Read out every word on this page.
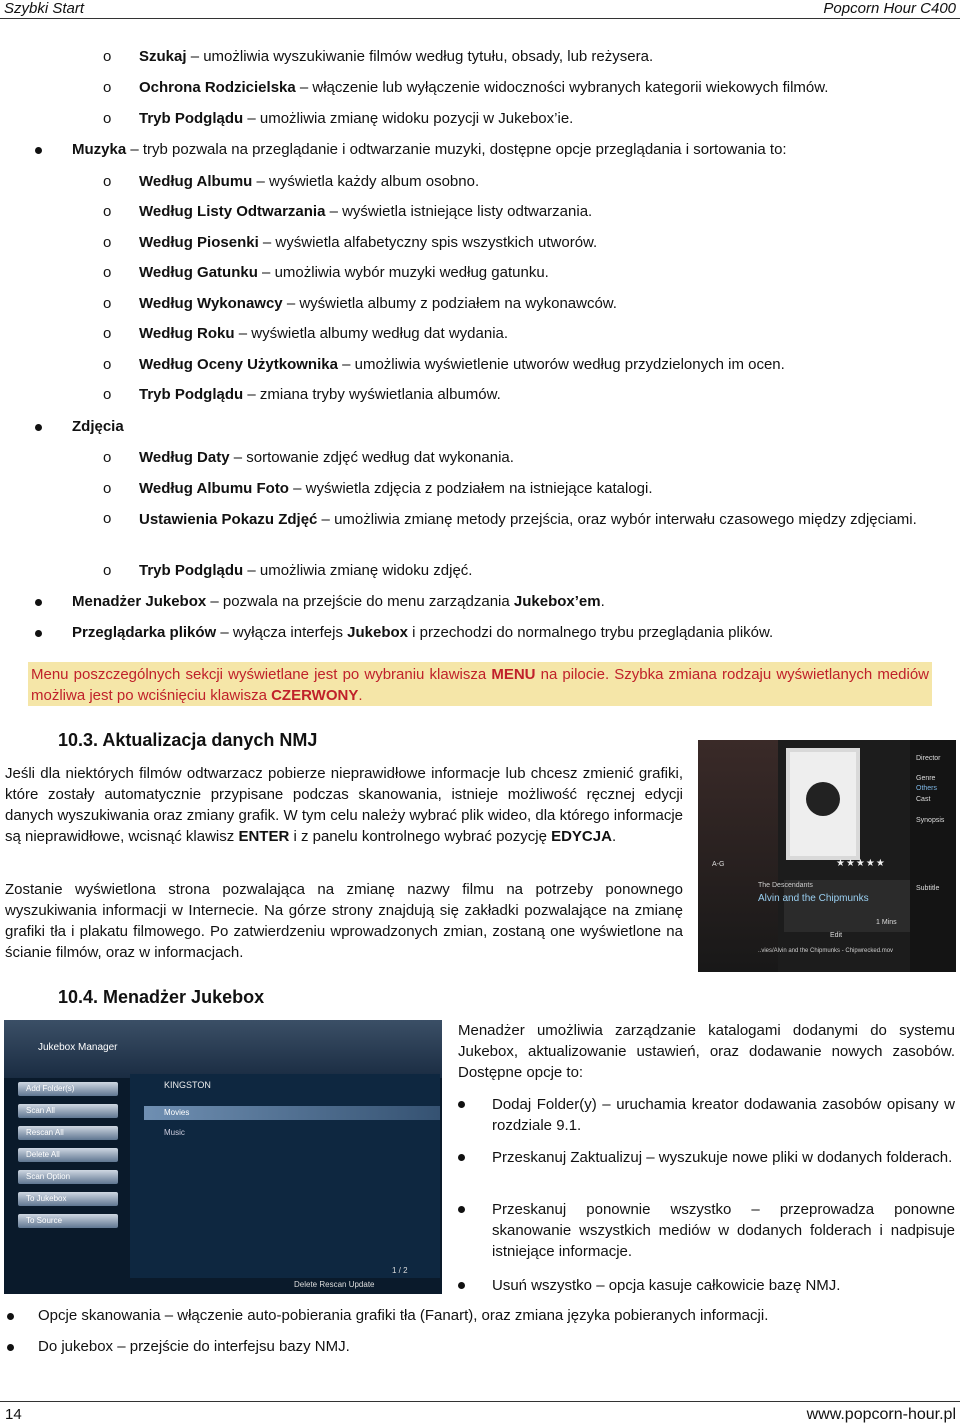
Szybki Start	Popcorn Hour C400
o Szukaj – umożliwia wyszukiwanie filmów według tytułu, obsady, lub reżysera.
o Ochrona Rodzicielska – włączenie lub wyłączenie widoczności wybranych kategorii wiekowych filmów.
o Tryb Podglądu – umożliwia zmianę widoku pozycji w Jukebox’ie.
Muzyka – tryb pozwala na przeglądanie i odtwarzanie muzyki, dostępne opcje przeglądania i sortowania to:
o Według Albumu – wyświetla każdy album osobno.
o Według Listy Odtwarzania – wyświetla istniejące listy odtwarzania.
o Według Piosenki – wyświetla alfabetyczny spis wszystkich utworów.
o Według Gatunku – umożliwia wybór muzyki według gatunku.
o Według Wykonawcy – wyświetla albumy z podziałem na wykonawców.
o Według Roku – wyświetla albumy według dat wydania.
o Według Oceny Użytkownika – umożliwia wyświetlenie utworów według przydzielonych im ocen.
o Tryb Podglądu – zmiana tryby wyświetlania albumów.
Zdjęcia
o Według Daty – sortowanie zdjęć według dat wykonania.
o Według Albumu Foto – wyświetla zdjęcia z podziałem na istniejące katalogi.
o Ustawienia Pokazu Zdjęć – umożliwia zmianę metody przejścia, oraz wybór interwału czasowego między zdjęciami.
o Tryb Podglądu – umożliwia zmianę widoku zdjęć.
Menadżer Jukebox – pozwala na przejście do menu zarządzania Jukebox’em.
Przeglądarka plików – wyłącza interfejs Jukebox i przechodzi do normalnego trybu przeglądania plików.

Menu poszczególnych sekcji wyświetlane jest po wybraniu klawisza MENU na pilocie. Szybka zmiana rodzaju wyświetlanych mediów możliwa jest po wciśnięciu klawisza CZERWONY.

10.3. Aktualizacja danych NMJ

Jeśli dla niektórych filmów odtwarzacz pobierze nieprawidłowe informacje lub chcesz zmienić grafiki, które zostały automatycznie przypisane podczas skanowania, istnieje możliwość ręcznej edycji danych wyszukiwania oraz zmiany grafik. W tym celu należy wybrać plik wideo, dla którego informacje są nieprawidłowe, wcisnąć klawisz ENTER i z panelu kontrolnego wybrać pozycję EDYCJA.

Zostanie wyświetlona strona pozwalająca na zmianę nazwy filmu na potrzeby ponownego wyszukiwania informacji w Internecie. Na górze strony znajdują się zakładki pozwalające na zmianę grafiki tła i plakatu filmowego. Po zatwierdzeniu wprowadzonych zmian, zostaną one wyświetlone na ścianie filmów, oraz w informacjach.

A-G	★★★★★
The Descendants
Alvin and the Chipmunks
1 Mins
Edit
..vies/Alvin and the Chipmunks - Chipwrecked.mov
Director
Genre
Others
Cast
Synopsis
Subtitle
10.4. Menadżer Jukebox
Jukebox Manager
Add Folder(s)
Scan All
Rescan All
Delete All
Scan Option
To Jukebox
To Source
KINGSTON
Movies
Music
1 / 2
Delete Rescan Update

Menadżer umożliwia zarządzanie katalogami dodanymi do systemu Jukebox, aktualizowanie ustawień, oraz dodawanie nowych zasobów. Dostępne opcje to:

Dodaj Folder(y) – uruchamia kreator dodawania zasobów opisany w rozdziale 9.1.

Przeskanuj Zaktualizuj – wyszukuje nowe pliki w dodanych folderach.

Przeskanuj ponownie wszystko – przeprowadza ponowne skanowanie wszystkich mediów w dodanych folderach i nadpisuje istniejące informacje.

Usuń wszystko – opcja kasuje całkowicie bazę NMJ.

Opcje skanowania – włączenie auto-pobierania grafiki tła (Fanart), oraz zmiana języka pobieranych informacji.
Do jukebox – przejście do interfejsu bazy NMJ.
14	www.popcorn-hour.pl
